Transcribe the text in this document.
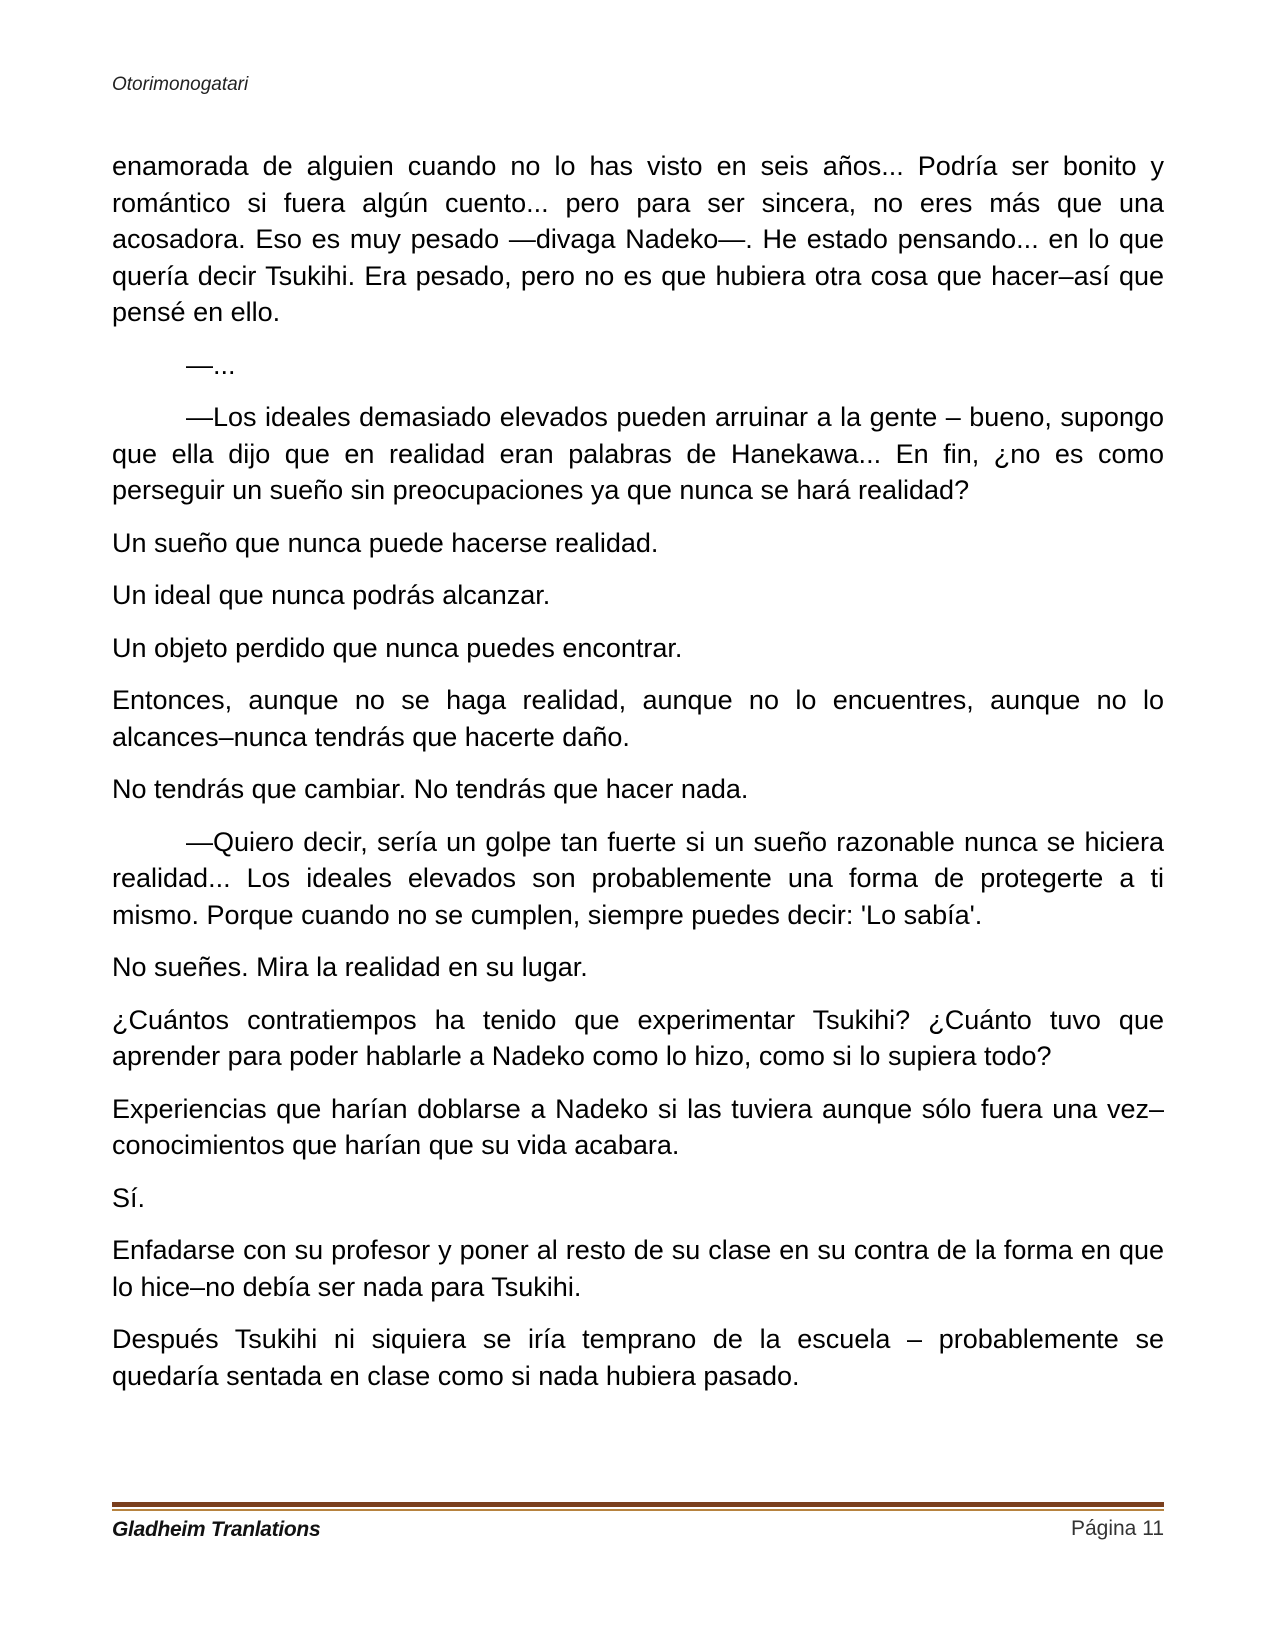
Otorimonogatari

enamorada de alguien cuando no lo has visto en seis años... Podría ser bonito y romántico si fuera algún cuento... pero para ser sincera, no eres más que una acosadora. Eso es muy pesado —divaga Nadeko—. He estado pensando... en lo que quería decir Tsukihi. Era pesado, pero no es que hubiera otra cosa que hacer–así que pensé en ello.

—...

—Los ideales demasiado elevados pueden arruinar a la gente – bueno, supongo que ella dijo que en realidad eran palabras de Hanekawa... En fin, ¿no es como perseguir un sueño sin preocupaciones ya que nunca se hará realidad?

Un sueño que nunca puede hacerse realidad.

Un ideal que nunca podrás alcanzar.

Un objeto perdido que nunca puedes encontrar.

Entonces, aunque no se haga realidad, aunque no lo encuentres, aunque no lo alcances–nunca tendrás que hacerte daño.

No tendrás que cambiar. No tendrás que hacer nada.

—Quiero decir, sería un golpe tan fuerte si un sueño razonable nunca se hiciera realidad... Los ideales elevados son probablemente una forma de protegerte a ti mismo. Porque cuando no se cumplen, siempre puedes decir: 'Lo sabía'.

No sueñes. Mira la realidad en su lugar.

¿Cuántos contratiempos ha tenido que experimentar Tsukihi? ¿Cuánto tuvo que aprender para poder hablarle a Nadeko como lo hizo, como si lo supiera todo?

Experiencias que harían doblarse a Nadeko si las tuviera aunque sólo fuera una vez–conocimientos que harían que su vida acabara.

Sí.

Enfadarse con su profesor y poner al resto de su clase en su contra de la forma en que lo hice–no debía ser nada para Tsukihi.

Después Tsukihi ni siquiera se iría temprano de la escuela – probablemente se quedaría sentada en clase como si nada hubiera pasado.

Gladheim Tranlations	Página 11
